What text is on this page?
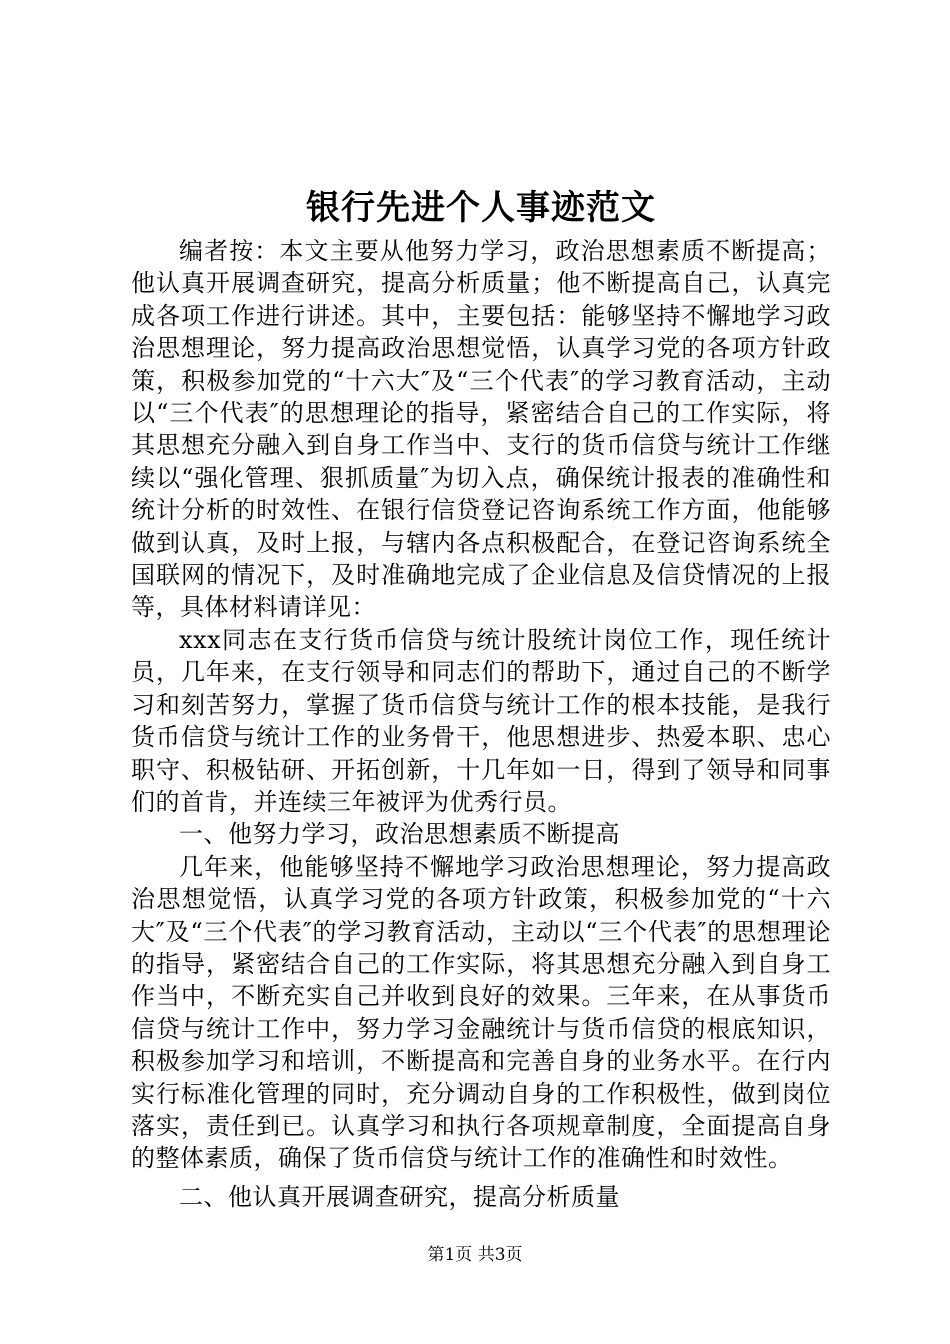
银行先进个人事迹范文

编者按：本文主要从他努力学习，政治思想素质不断提高；他认真开展调查研究，提高分析质量；他不断提高自己，认真完成各项工作进行讲述。其中，主要包括：能够坚持不懈地学习政治思想理论，努力提高政治思想觉悟，认真学习党的各项方针政策，积极参加党的“十六大″及“三个代表″的学习教育活动，主动以“三个代表″的思想理论的指导，紧密结合自己的工作实际，将其思想充分融入到自身工作当中、支行的货币信贷与统计工作继续以“强化管理、狠抓质量″为切入点，确保统计报表的准确性和统计分析的时效性、在银行信贷登记咨询系统工作方面，他能够做到认真，及时上报，与辖内各点积极配合，在登记咨询系统全国联网的情况下，及时准确地完成了企业信息及信贷情况的上报等，具体材料请详见：

xxx同志在支行货币信贷与统计股统计岗位工作，现任统计员，几年来，在支行领导和同志们的帮助下，通过自己的不断学习和刻苦努力，掌握了货币信贷与统计工作的根本技能，是我行货币信贷与统计工作的业务骨干，他思想进步、热爱本职、忠心职守、积极钻研、开拓创新，十几年如一日，得到了领导和同事们的首肯，并连续三年被评为优秀行员。

一、他努力学习，政治思想素质不断提高

几年来，他能够坚持不懈地学习政治思想理论，努力提高政治思想觉悟，认真学习党的各项方针政策，积极参加党的“十六大″及“三个代表″的学习教育活动，主动以“三个代表″的思想理论的指导，紧密结合自己的工作实际，将其思想充分融入到自身工作当中，不断充实自己并收到良好的效果。三年来，在从事货币信贷与统计工作中，努力学习金融统计与货币信贷的根底知识，积极参加学习和培训，不断提高和完善自身的业务水平。在行内实行标准化管理的同时，充分调动自身的工作积极性，做到岗位落实，责任到已。认真学习和执行各项规章制度，全面提高自身的整体素质，确保了货币信贷与统计工作的准确性和时效性。

二、他认真开展调查研究，提高分析质量

第1页 共3页
